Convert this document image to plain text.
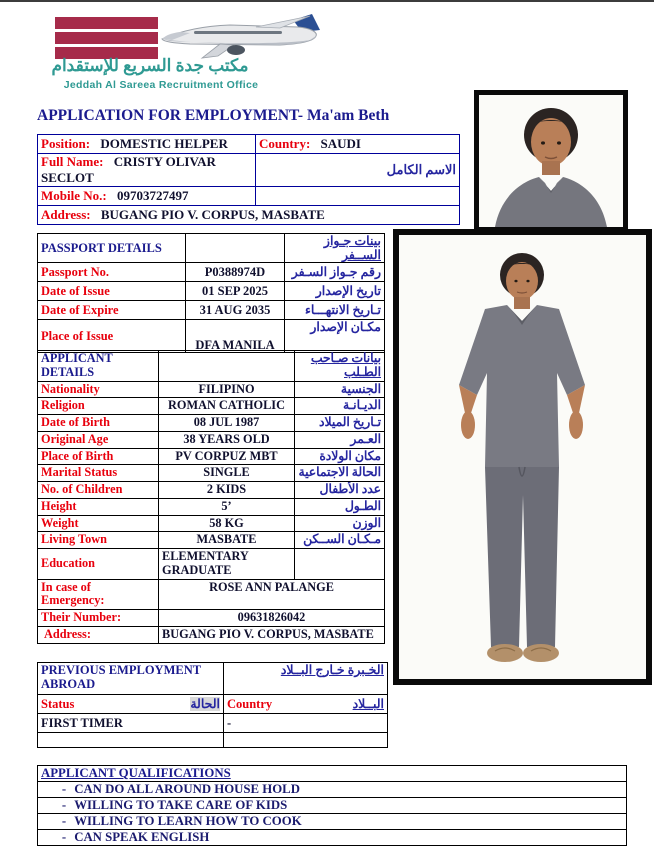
مكتب جدة السريع للإستقدام
Jeddah Al Sareea Recruitment Office
APPLICATION FOR EMPLOYMENT- Ma'am Beth
Position: DOMESTIC HELPER	Country: SAUDI
Full Name: CRISTY OLIVAR SECLOT	الاسم الكامل
Mobile No.: 09703727497	
Address: BUGANG PIO V. CORPUS, MASBATE	
PASSPORT DETAILS		بينات جـواز الســفر
Passport No.	P0388974D	رقم جـواز السـفر
Date of Issue	01 SEP 2025	تاريخ الإصدار
Date of Expire	31 AUG 2035	تـاريخ الانتهـــاء
Place of Issue	DFA MANILA	مكـان الإصدار
APPLICANT DETAILS		بيانات صـاحب الطـلب
Nationality	FILIPINO	الجنسية
Religion	ROMAN CATHOLIC	الديـانـة
Date of Birth	08 JUL 1987	تـاريخ الميلاد
Original Age	38 YEARS OLD	العـمر
Place of Birth	PV CORPUZ MBT	مكان الولادة
Marital Status	SINGLE	الحالة الاجتماعية
No. of Children	2 KIDS	عدد الأطفال
Height	5’	الطـول
Weight	58 KG	الوزن
Living Town	MASBATE	مـكـان الســكن
Education	ELEMENTARY GRADUATE	
In case of Emergency:	ROSE ANN PALANGE	
Their Number:	09631826042	
Address:	BUGANG PIO V. CORPUS, MASBATE	
PREVIOUS EMPLOYMENT ABROAD	الخـبرة خـارج البــلاد

Status الحالة	Country البــلاد

FIRST TIMER	-

APPLICANT QUALIFICATIONS
- CAN DO ALL AROUND HOUSE HOLD
- WILLING TO TAKE CARE OF KIDS
- WILLING TO LEARN HOW TO COOK
- CAN SPEAK ENGLISH
